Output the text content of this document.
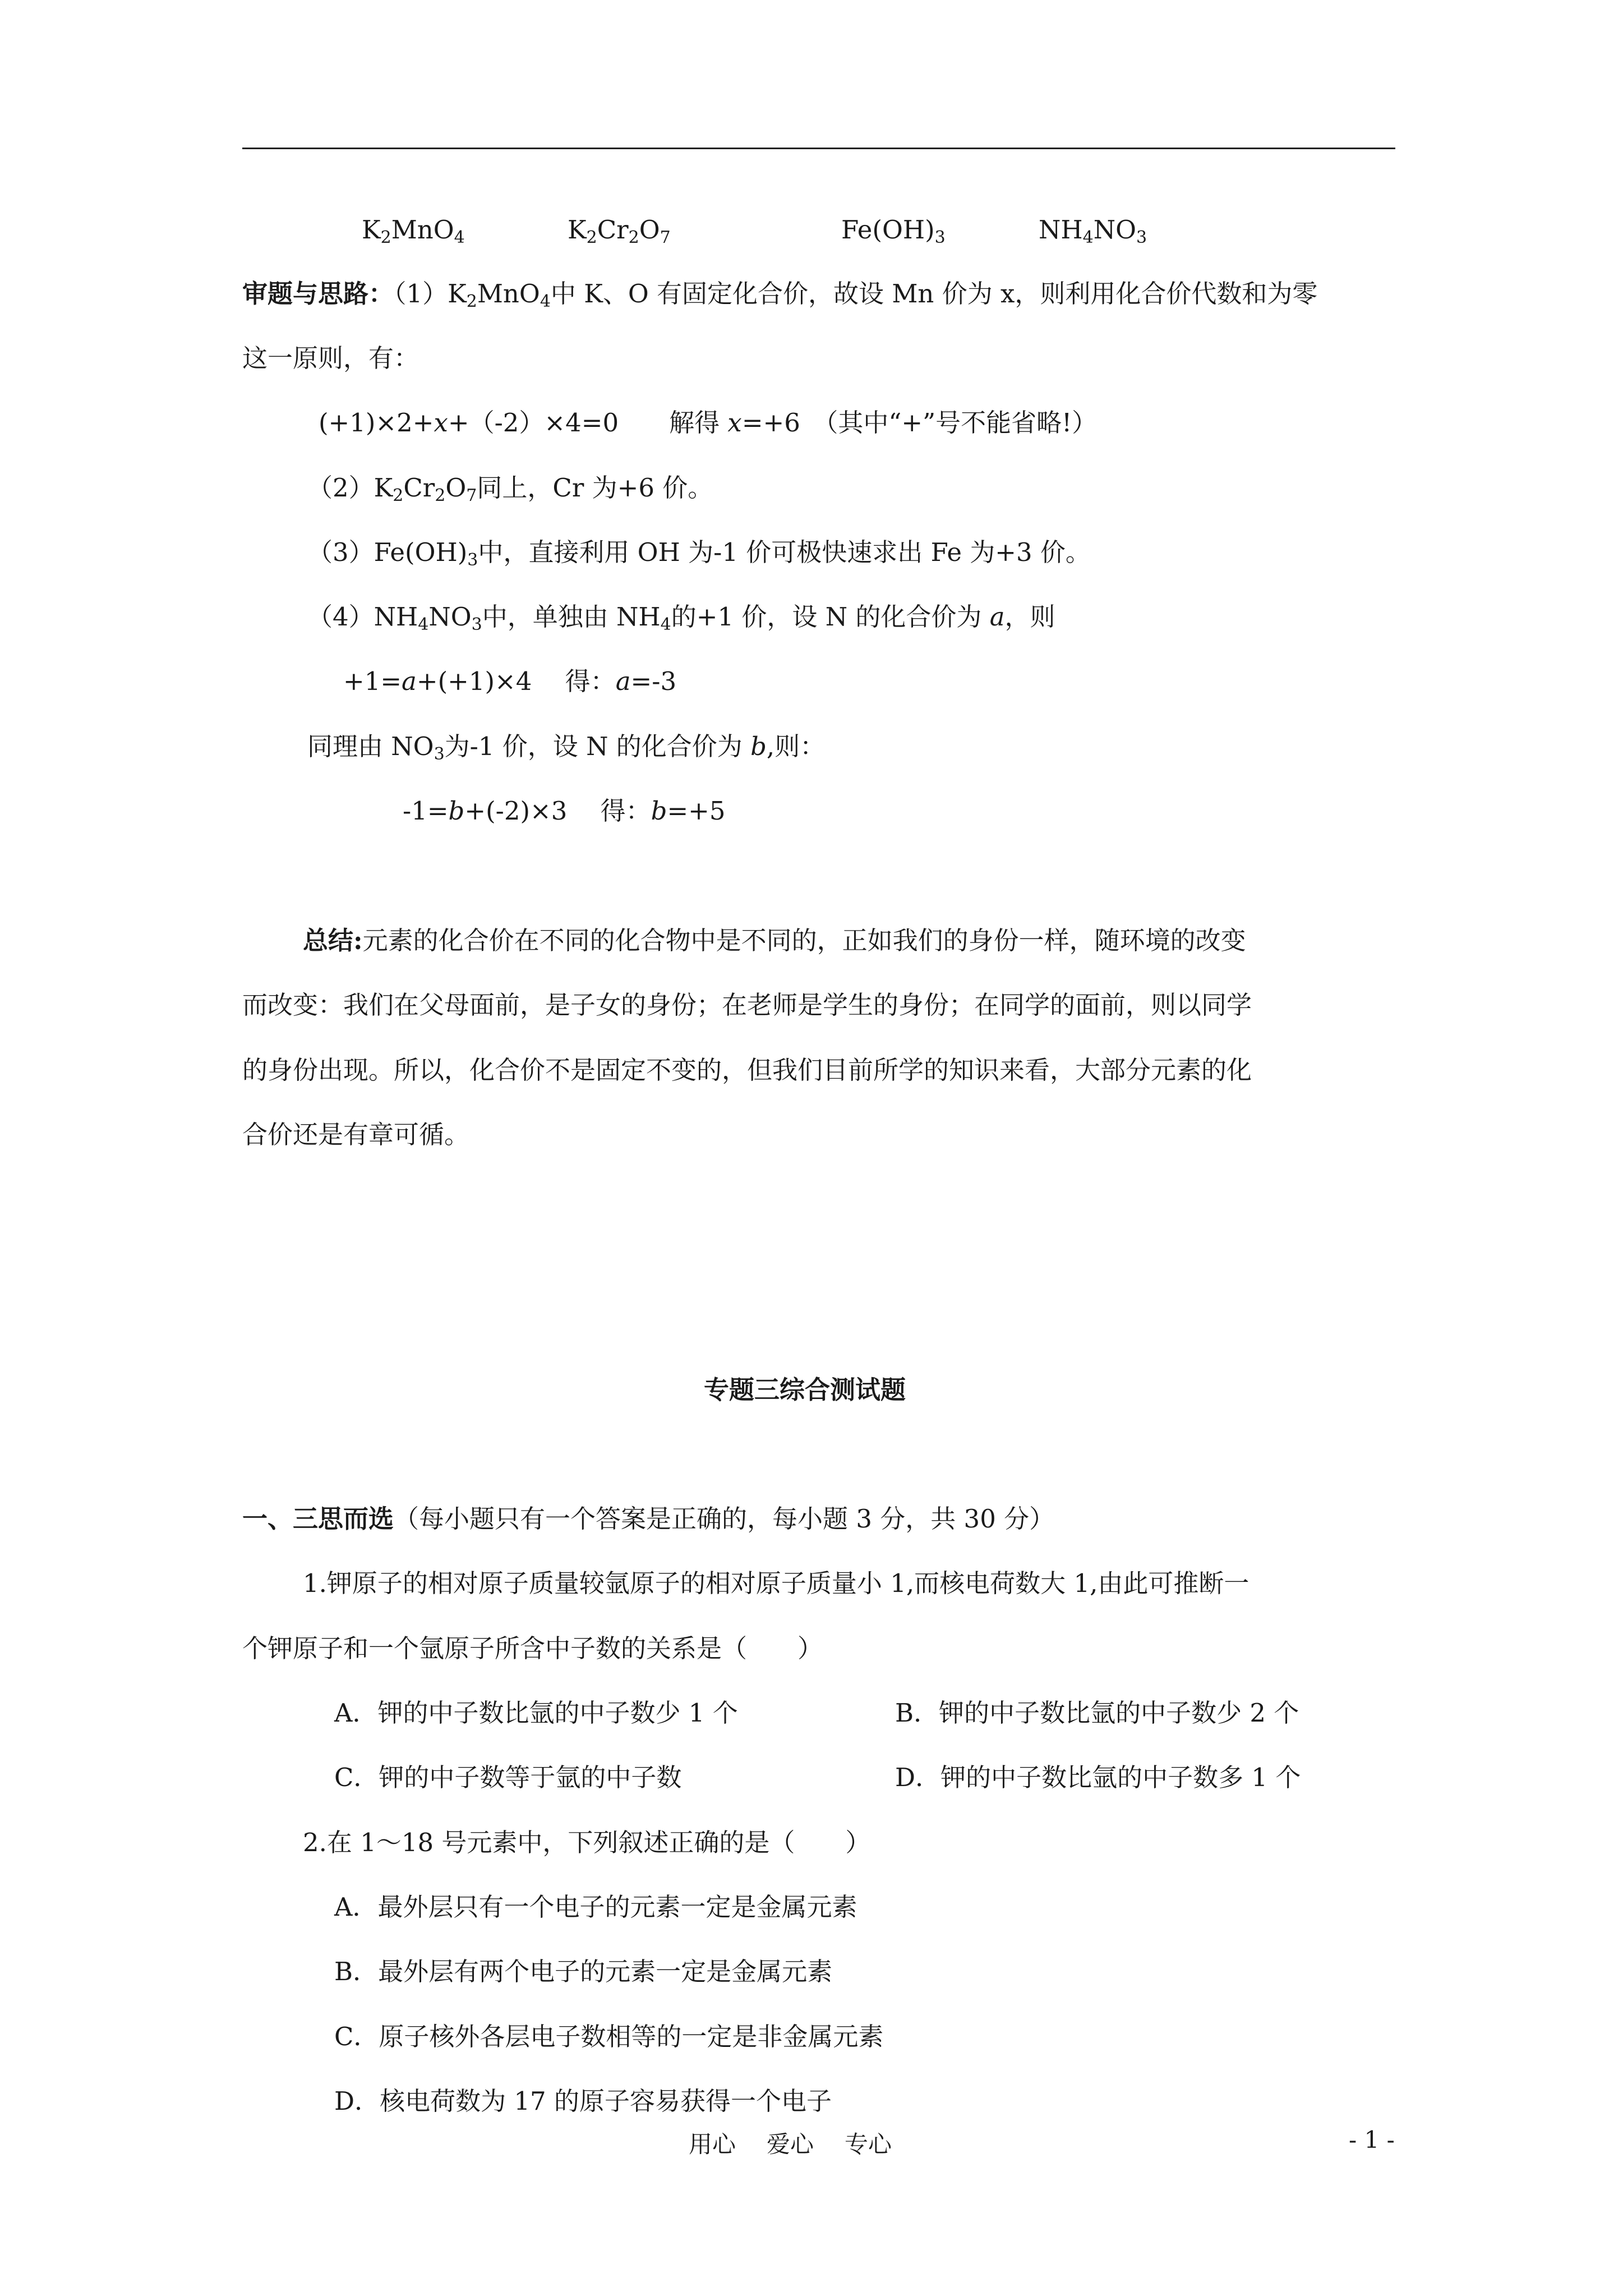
$K_2MnO_4$	$K_2Cr_2O_7$	$Fe(OH)_3$	$NH_4NO_3$
审题与思路：$(1)K_2MnO_4$中 K、O 有固定化合价，故设 Mn 价为 x，则利用化合价代数和为零
这一原则，有：
(+1)×2+x+（-2）×4=0　　解得 x=+6　（其中“+”号不能省略!）
$(2)K_2Cr_2O_7$同上，Cr 为+6 价。
$(3)Fe(OH)_3$中，直接利用 OH 为-1 价可极快速求出 Fe 为+3 价。
$(4)NH_4NO_3$中，单独由 $NH_4$的+1 价，设 N 的化合价为 a，则
+1=a+(+1)×4　 得：a=-3
同理由 $NO_3$为-1 价，设 N 的化合价为 b,则：
-1=b+(-2)×3　 得：b=+5
总结:元素的化合价在不同的化合物中是不同的，正如我们的身份一样，随环境的改变
而改变：我们在父母面前，是子女的身份；在老师是学生的身份；在同学的面前，则以同学
的身份出现。所以，化合价不是固定不变的，但我们目前所学的知识来看，大部分元素的化
合价还是有章可循。
专题三综合测试题
一、三思而选（每小题只有一个答案是正确的，每小题 3 分，共 30 分）
1.钾原子的相对原子质量较氩原子的相对原子质量小 1,而核电荷数大 1,由此可推断一
个钾原子和一个氩原子所含中子数的关系是（　　）
A．钾的中子数比氩的中子数少 1 个	B．钾的中子数比氩的中子数少 2 个
C．钾的中子数等于氩的中子数	D．钾的中子数比氩的中子数多 1 个
2.在 1～18 号元素中，下列叙述正确的是（　　）
A．最外层只有一个电子的元素一定是金属元素
B．最外层有两个电子的元素一定是金属元素
C．原子核外各层电子数相等的一定是非金属元素
D．核电荷数为 17 的原子容易获得一个电子
用心 爱心 专心	- 1 -
